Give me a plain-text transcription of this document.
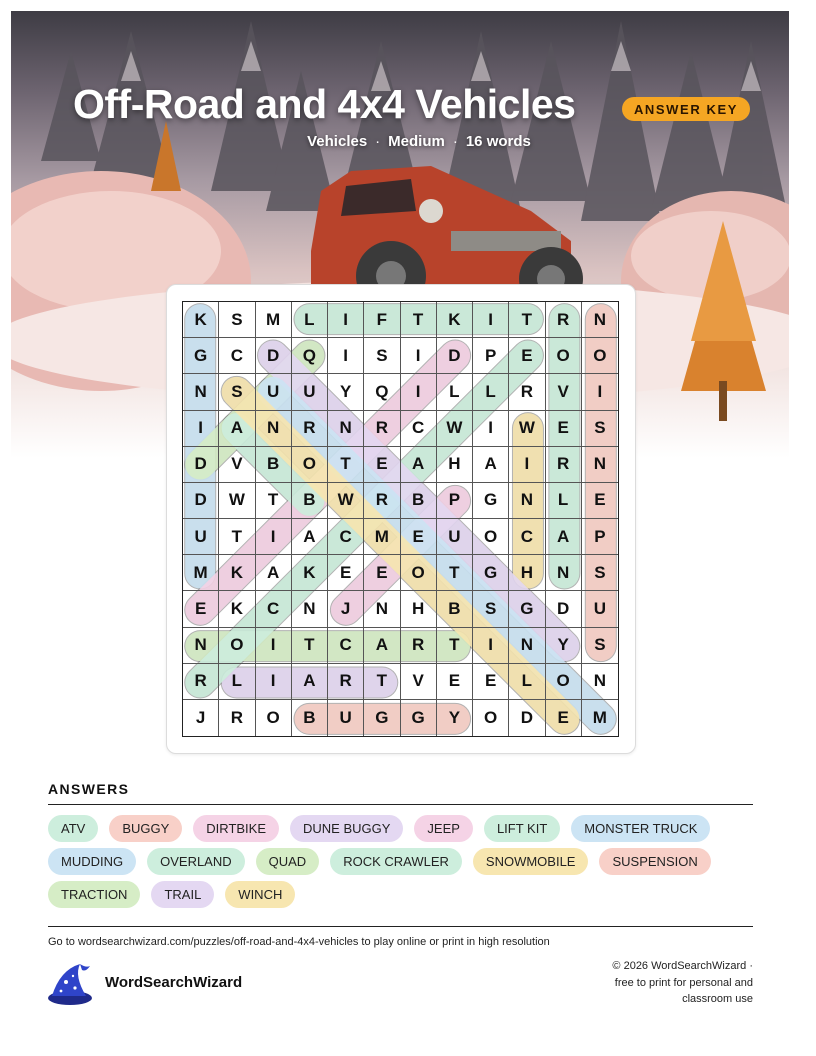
Off-Road and 4x4 Vehicles	ANSWER KEY
Vehicles · Medium · 16 words
K	S	M	L	I	F	T	K	I	T	R	N
G	C	D	Q	I	S	I	D	P	E	O	O
N	S	U	U	Y	Q	I	L	L	R	V	I
I	A	N	R	N	R	C	W	I	W	E	S
D	V	B	O	T	E	A	H	A	I	R	N
D	W	T	B	W	R	B	P	G	N	L	E
U	T	I	A	C	M	E	U	O	C	A	P
M	K	A	K	E	E	O	T	G	H	N	S
E	K	C	N	J	N	H	B	S	G	D	U
N	O	I	T	C	A	R	T	I	N	Y	S
R	L	I	A	R	T	V	E	E	L	O	N
J	R	O	B	U	G	G	Y	O	D	E	M
ANSWERS
ATV	BUGGY	DIRTBIKE	DUNE BUGGY	JEEP	LIFT KIT	MONSTER TRUCK
MUDDING	OVERLAND	QUAD	ROCK CRAWLER	SNOWMOBILE	SUSPENSION
TRACTION	TRAIL	WINCH
Go to wordsearchwizard.com/puzzles/off-road-and-4x4-vehicles to play online or print in high resolution
WordSearchWizard
© 2026 WordSearchWizard ·
free to print for personal and
classroom use
